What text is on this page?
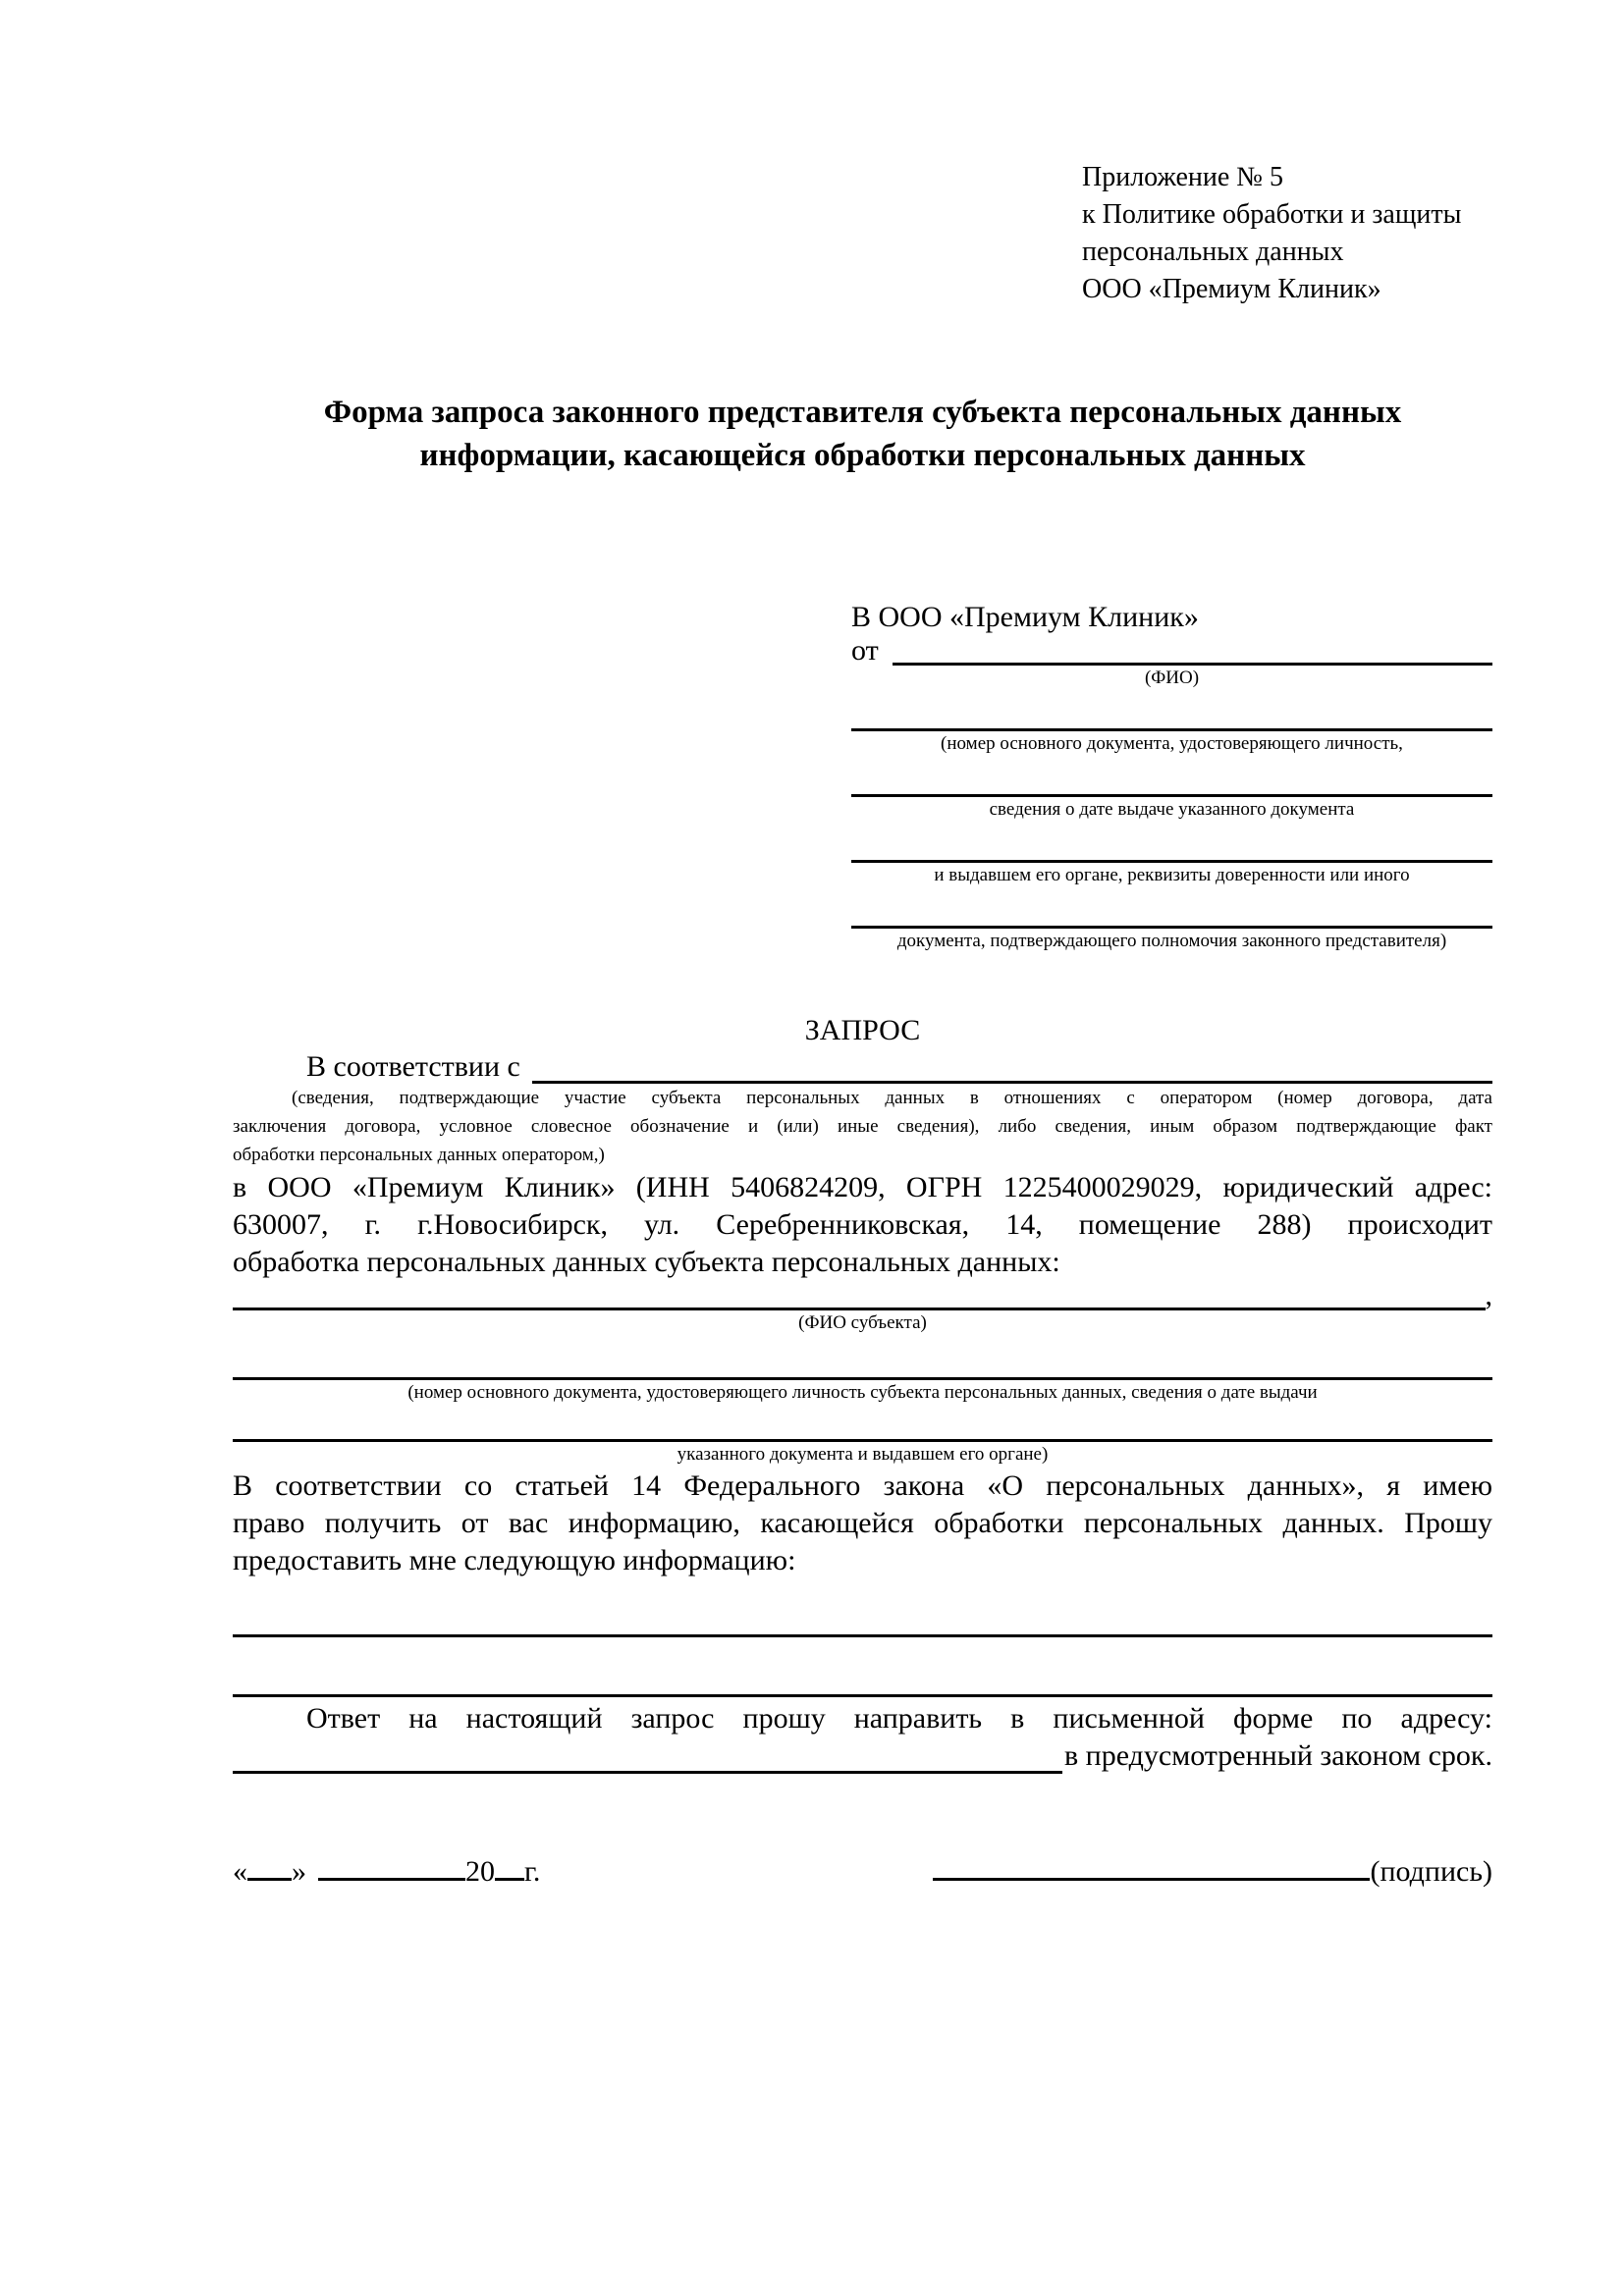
Приложение № 5
к Политике обработки и защиты
персональных данных
ООО «Премиум Клиник»
Форма запроса законного представителя субъекта персональных данных
информации, касающейся обработки персональных данных
В ООО «Премиум Клиник»
от
(ФИО)
(номер основного документа, удостоверяющего личность,
сведения о дате выдаче указанного документа
и выдавшем его органе, реквизиты доверенности или иного
документа, подтверждающего полномочия законного представителя)
ЗАПРОС
В соответствии с
(сведения, подтверждающие участие субъекта персональных данных в отношениях с оператором (номер договора, дата
заключения договора, условное словесное обозначение и (или) иные сведения), либо сведения, иным образом подтверждающие факт
обработки персональных данных оператором,)
в ООО «Премиум Клиник» (ИНН 5406824209, ОГРН 1225400029029, юридический адрес:
630007, г. г.Новосибирск, ул. Серебренниковская, 14, помещение 288) происходит
обработка персональных данных субъекта персональных данных:
,
(ФИО субъекта)
(номер основного документа, удостоверяющего личность субъекта персональных данных, сведения о дате выдачи
указанного документа и выдавшем его органе)
В соответствии со статьей 14 Федерального закона «О персональных данных», я имею
право получить от вас информацию, касающейся обработки персональных данных. Прошу
предоставить мне следующую информацию:
Ответ на настоящий запрос прошу направить в письменной форме по адресу:
в предусмотренный законом срок.
« »	20 г.	(подпись)
